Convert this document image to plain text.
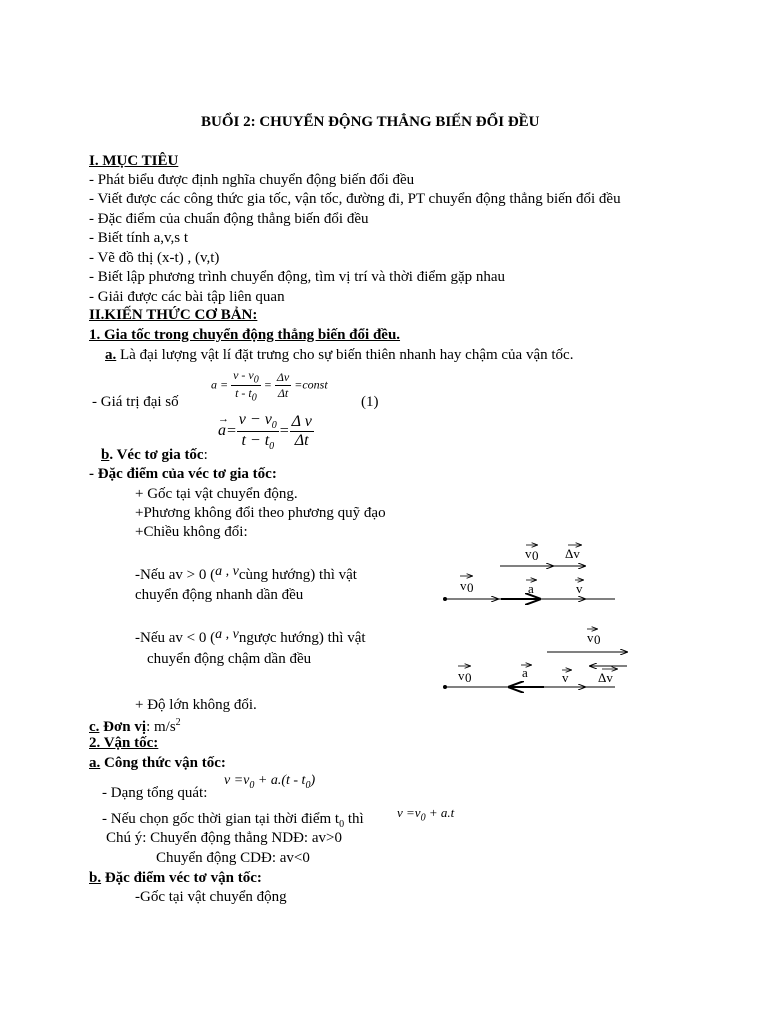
BUỔI 2: CHUYỂN ĐỘNG THẲNG BIẾN ĐỔI ĐỀU
I. MỤC TIÊU
- Phát biểu được định nghĩa chuyển động biến đổi đều
- Viết được các công thức gia tốc, vận tốc, đường đi, PT chuyển động thẳng biến đổi đều
- Đặc điểm của chuẩn động thẳng biến đổi đều
- Biết tính a,v,s t
- Vẽ đồ thị (x-t) , (v,t)
- Biết lập phương trình chuyển động, tìm vị trí và thời điểm gặp nhau
- Giải được các bài tập liên quan
II.KIẾN THỨC CƠ BẢN:
1. Gia tốc trong chuyển động thẳng biến đổi đều.
a. Là đại lượng vật lí đặt trưng cho sự biến thiên nhanh hay chậm của vận tốc.
$a = \frac{v - v_0}{t - t_0} = \frac{\Delta v}{\Delta t}$ =const
- Giá trị đại số	(1)
a
→
= $\frac{v - v_0}{t - t_0} = \frac{\text{Δ v}}{\Delta t}$
b. Véc tơ gia tốc:
- Đặc điểm của véc tơ gia tốc:
+ Gốc tại vật chuyển động.
+Phương không đổi theo phương quỹ đạo
+Chiều không đổi:
-Nếu av > 0 (a , vcùng hướng) thì vật
chuyển động nhanh dần đều
-Nếu av < 0 (a , vngược hướng) thì vật
chuyển động chậm dần đều
+ Độ lớn không đổi.
c. Đơn vị: $m/s^2$
2. Vận tốc:
a. Công thức vận tốc:
- Dạng tổng quát:
$v =v_0 + a.(t - t_0)$
- Nếu chọn gốc thời gian tại thời điểm $t_0$ thì	$v =v_0 + a.t$
Chú ý: Chuyển động thẳng NDĐ: av>0
Chuyển động CDĐ: av<0
b. Đặc điểm véc tơ vận tốc:
-Gốc tại vật chuyển động
v 0 Δv
v 0	a	v
v 0
v 0	a	v Δv
